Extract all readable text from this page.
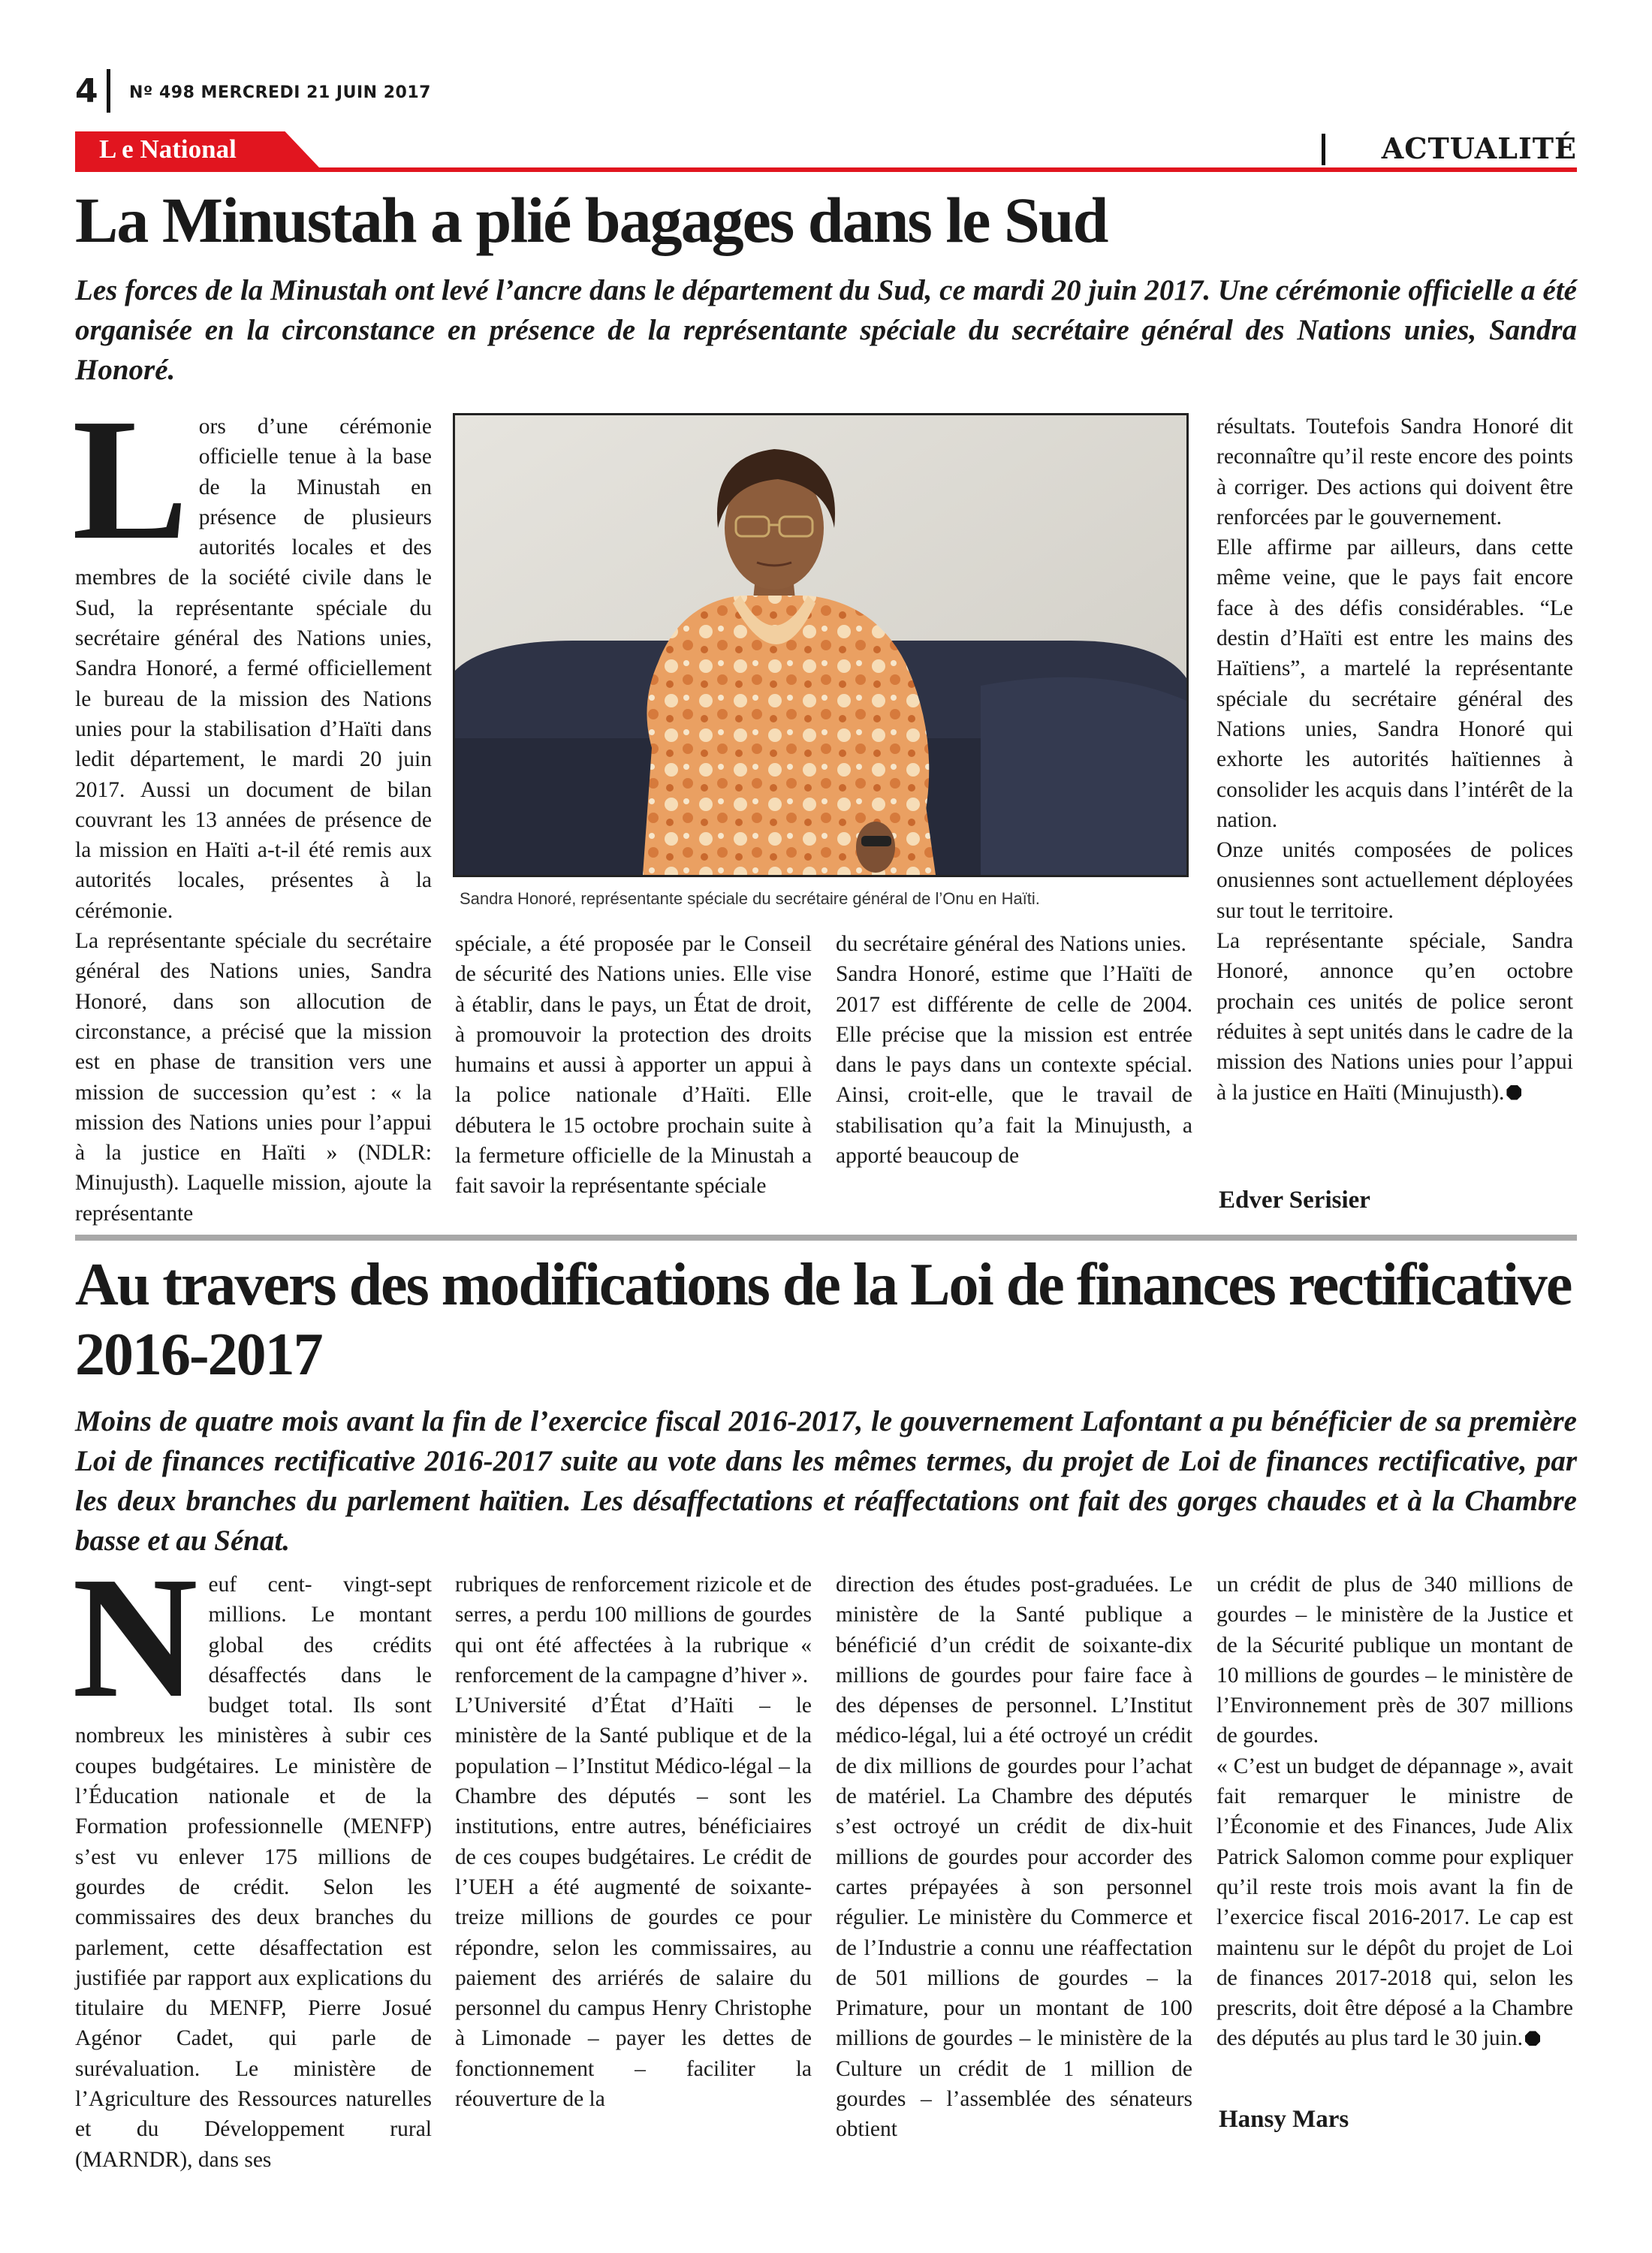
4	Nº 498 MERCREDI 21 JUIN 2017
L e National	ACTUALITÉ
La Minustah a plié bagages dans le Sud
Les forces de la Minustah ont levé l’ancre dans le département du Sud, ce mardi 20 juin 2017. Une cérémonie officielle a été organisée en la circonstance en présence de la représentante spéciale du secrétaire général des Nations unies, Sandra Honoré.
L ors d’une cérémonie officielle tenue à la base de la Minustah en présence de plusieurs autorités locales et des membres de la société civile dans le Sud, la représentante spéciale du secrétaire général des Nations unies, Sandra Honoré, a fermé officiellement le bureau de la mission des Nations unies pour la stabilisation d’Haïti dans ledit département, le mardi 20 juin 2017. Aussi un document de bilan couvrant les 13 années de présence de la mission en Haïti a-t-il été remis aux autorités locales, présentes à la cérémonie.

La représentante spéciale du secrétaire général des Nations unies, Sandra Honoré, dans son allocution de circonstance, a précisé que la mission est en phase de transition vers une mission de succession qu’est : « la mission des Nations unies pour l’appui à la justice en Haïti » (NDLR: Minujusth). Laquelle mission, ajoute la représentante

Sandra Honoré, représentante spéciale du secrétaire général de l’Onu en Haïti.

spéciale, a été proposée par le Conseil de sécurité des Nations unies. Elle vise à établir, dans le pays, un État de droit, à promouvoir la protection des droits humains et aussi à apporter un appui à la police nationale d’Haïti. Elle débutera le 15 octobre prochain suite à la fermeture officielle de la Minustah a fait savoir la représentante spéciale

du secrétaire général des Nations unies.

Sandra Honoré, estime que l’Haïti de 2017 est différente de celle de 2004. Elle précise que la mission est entrée dans le pays dans un contexte spécial. Ainsi, croit-elle, que le travail de stabilisation qu’a fait la Minujusth, a apporté beaucoup de

résultats. Toutefois Sandra Honoré dit reconnaître qu’il reste encore des points à corriger. Des actions qui doivent être renforcées par le gouvernement.

Elle affirme par ailleurs, dans cette même veine, que le pays fait encore face à des défis considérables. “Le destin d’Haïti est entre les mains des Haïtiens”, a martelé la représentante spéciale du secrétaire général des Nations unies, Sandra Honoré qui exhorte les autorités haïtiennes à consolider les acquis dans l’intérêt de la nation.

Onze unités composées de polices onusiennes sont actuellement déployées sur tout le territoire.

La représentante spéciale, Sandra Honoré, annonce qu’en octobre prochain ces unités de police seront réduites à sept unités dans le cadre de la mission des Nations unies pour l’appui à la justice en Haïti (Minujusth).

Edver Serisier
Au travers des modifications de la Loi de finances rectificative 2016-2017
Moins de quatre mois avant la fin de l’exercice fiscal 2016-2017, le gouvernement Lafontant a pu bénéficier de sa première Loi de finances rectificative 2016-2017 suite au vote dans les mêmes termes, du projet de Loi de finances rectificative, par les deux branches du parlement haïtien. Les désaffectations et réaffectations ont fait des gorges chaudes et à la Chambre basse et au Sénat.
N euf cent- vingt-sept millions. Le montant global des crédits désaffectés dans le budget total. Ils sont nombreux les ministères à subir ces coupes budgétaires. Le ministère de l’Éducation nationale et de la Formation professionnelle (MENFP) s’est vu enlever 175 millions de gourdes de crédit. Selon les commissaires des deux branches du parlement, cette désaffectation est justifiée par rapport aux explications du titulaire du MENFP, Pierre Josué Agénor Cadet, qui parle de surévaluation. Le ministère de l’Agriculture des Ressources naturelles et du Développement rural (MARNDR), dans ses

rubriques de renforcement rizicole et de serres, a perdu 100 millions de gourdes qui ont été affectées à la rubrique « renforcement de la campagne d’hiver ».

L’Université d’État d’Haïti – le ministère de la Santé publique et de la population – l’Institut Médico-légal – la Chambre des députés – sont les institutions, entre autres, bénéficiaires de ces coupes budgétaires. Le crédit de l’UEH a été augmenté de soixante-treize millions de gourdes ce pour répondre, selon les commissaires, au paiement des arriérés de salaire du personnel du campus Henry Christophe à Limonade – payer les dettes de fonctionnement – faciliter la réouverture de la

direction des études post-graduées. Le ministère de la Santé publique a bénéficié d’un crédit de soixante-dix millions de gourdes pour faire face à des dépenses de personnel. L’Institut médico-légal, lui a été octroyé un crédit de dix millions de gourdes pour l’achat de matériel. La Chambre des députés s’est octroyé un crédit de dix-huit millions de gourdes pour accorder des cartes prépayées à son personnel régulier. Le ministère du Commerce et de l’Industrie a connu une réaffectation de 501 millions de gourdes – la Primature, pour un montant de 100 millions de gourdes – le ministère de la Culture un crédit de 1 million de gourdes – l’assemblée des sénateurs obtient

un crédit de plus de 340 millions de gourdes – le ministère de la Justice et de la Sécurité publique un montant de 10 millions de gourdes – le ministère de l’Environnement près de 307 millions de gourdes.

« C’est un budget de dépannage », avait fait remarquer le ministre de l’Économie et des Finances, Jude Alix Patrick Salomon comme pour expliquer qu’il reste trois mois avant la fin de l’exercice fiscal 2016-2017. Le cap est maintenu sur le dépôt du projet de Loi de finances 2017-2018 qui, selon les prescrits, doit être déposé a la Chambre des députés au plus tard le 30 juin.

Hansy Mars
